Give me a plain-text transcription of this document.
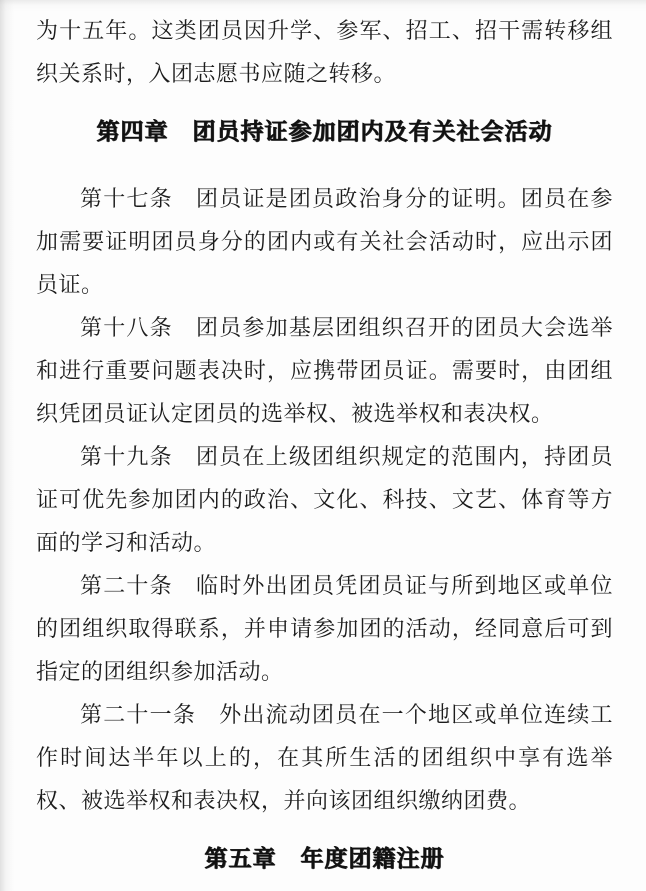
为十五年。这类团员因升学、参军、招工、招干需转移组织关系时，入团志愿书应随之转移。

第四章　团员持证参加团内及有关社会活动

第十七条　团员证是团员政治身分的证明。团员在参加需要证明团员身分的团内或有关社会活动时，应出示团员证。

第十八条　团员参加基层团组织召开的团员大会选举和进行重要问题表决时，应携带团员证。需要时，由团组织凭团员证认定团员的选举权、被选举权和表决权。

第十九条　团员在上级团组织规定的范围内，持团员证可优先参加团内的政治、文化、科技、文艺、体育等方面的学习和活动。

第二十条　临时外出团员凭团员证与所到地区或单位的团组织取得联系，并申请参加团的活动，经同意后可到指定的团组织参加活动。

第二十一条　外出流动团员在一个地区或单位连续工作时间达半年以上的，在其所生活的团组织中享有选举权、被选举权和表决权，并向该团组织缴纳团费。

第五章　年度团籍注册
